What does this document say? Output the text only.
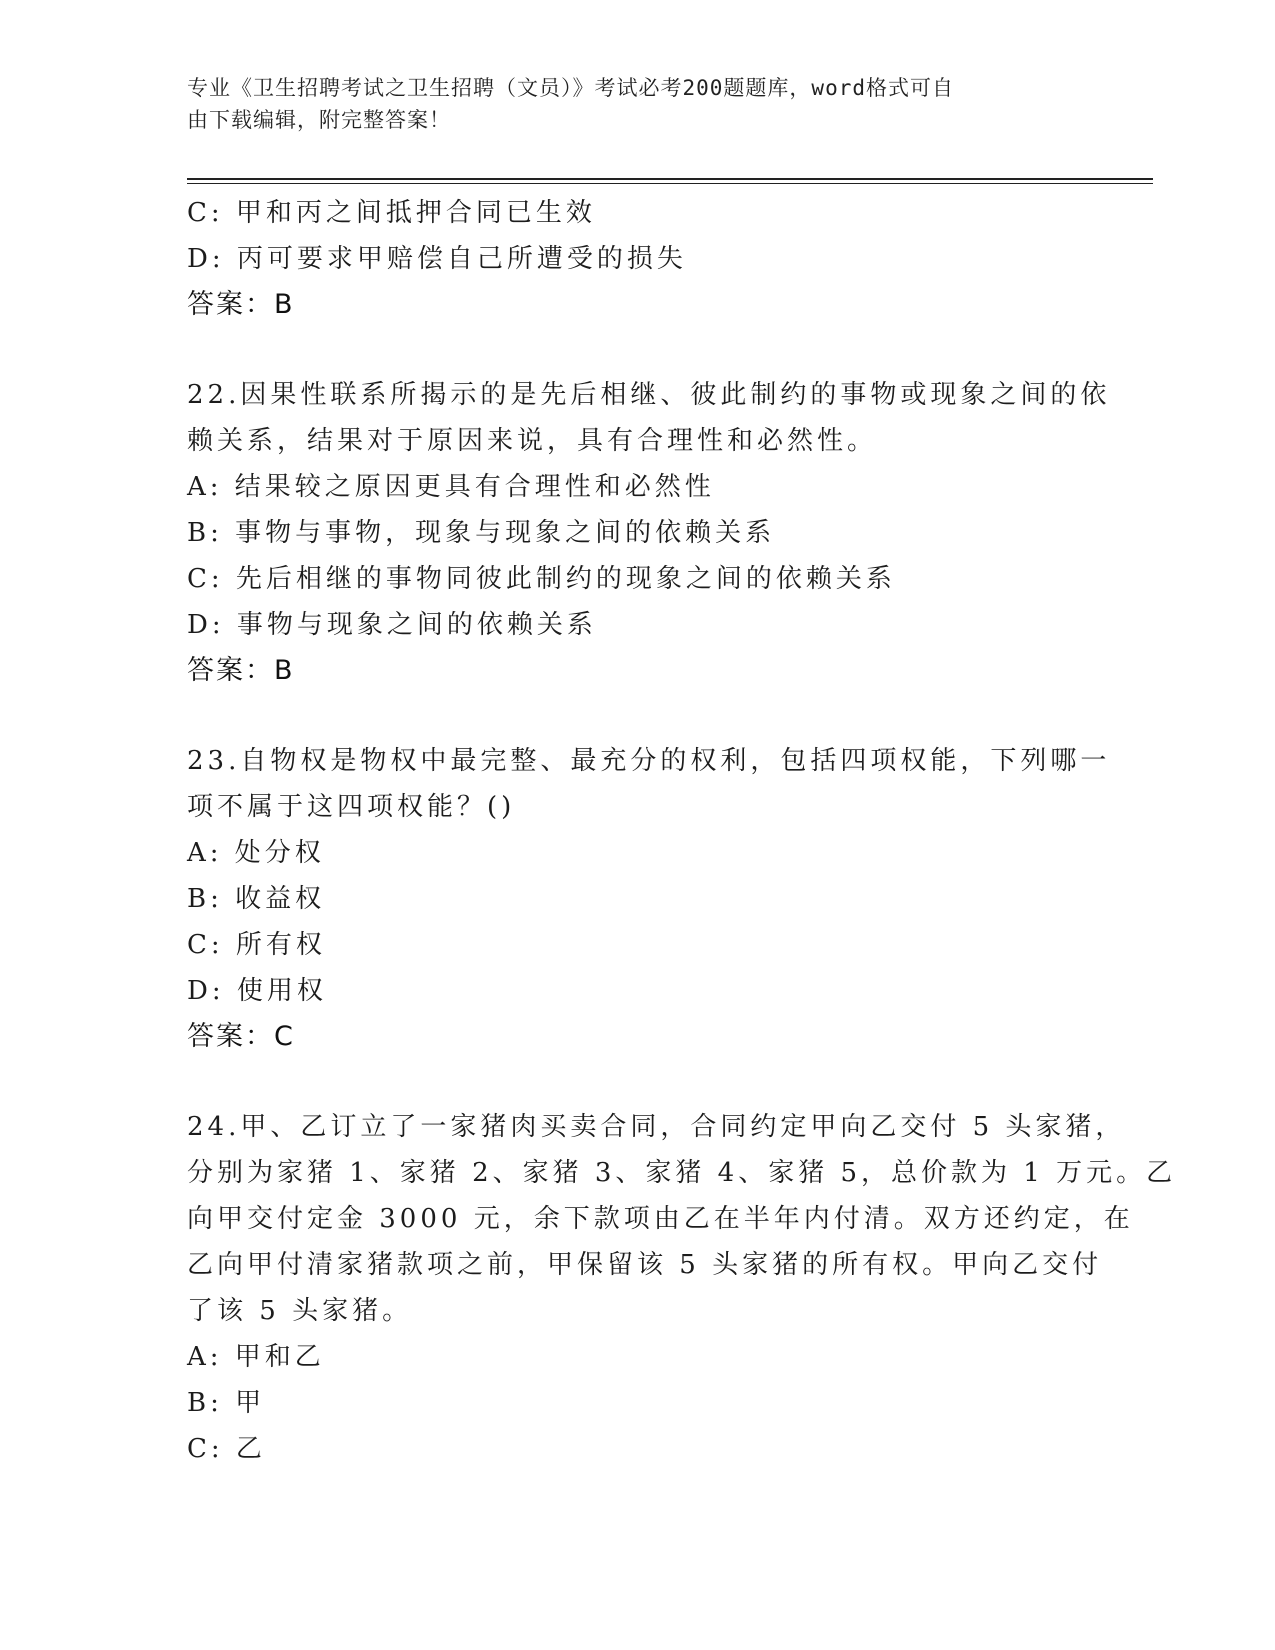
专业《卫生招聘考试之卫生招聘（文员）》考试必考200题题库，word格式可自
由下载编辑，附完整答案！
C: 甲和丙之间抵押合同已生效
D: 丙可要求甲赔偿自己所遭受的损失
答案：B
22.因果性联系所揭示的是先后相继、彼此制约的事物或现象之间的依
赖关系，结果对于原因来说，具有合理性和必然性。
A: 结果较之原因更具有合理性和必然性
B: 事物与事物，现象与现象之间的依赖关系
C: 先后相继的事物同彼此制约的现象之间的依赖关系
D: 事物与现象之间的依赖关系
答案：B
23.自物权是物权中最完整、最充分的权利，包括四项权能，下列哪一
项不属于这四项权能？()
A: 处分权
B: 收益权
C: 所有权
D: 使用权
答案：C
24.甲、乙订立了一家猪肉买卖合同，合同约定甲向乙交付 5 头家猪，
分别为家猪 1、家猪 2、家猪 3、家猪 4、家猪 5，总价款为 1 万元。乙
向甲交付定金 3000 元，余下款项由乙在半年内付清。双方还约定，在
乙向甲付清家猪款项之前，甲保留该 5 头家猪的所有权。甲向乙交付
了该 5 头家猪。
A: 甲和乙
B: 甲
C: 乙
